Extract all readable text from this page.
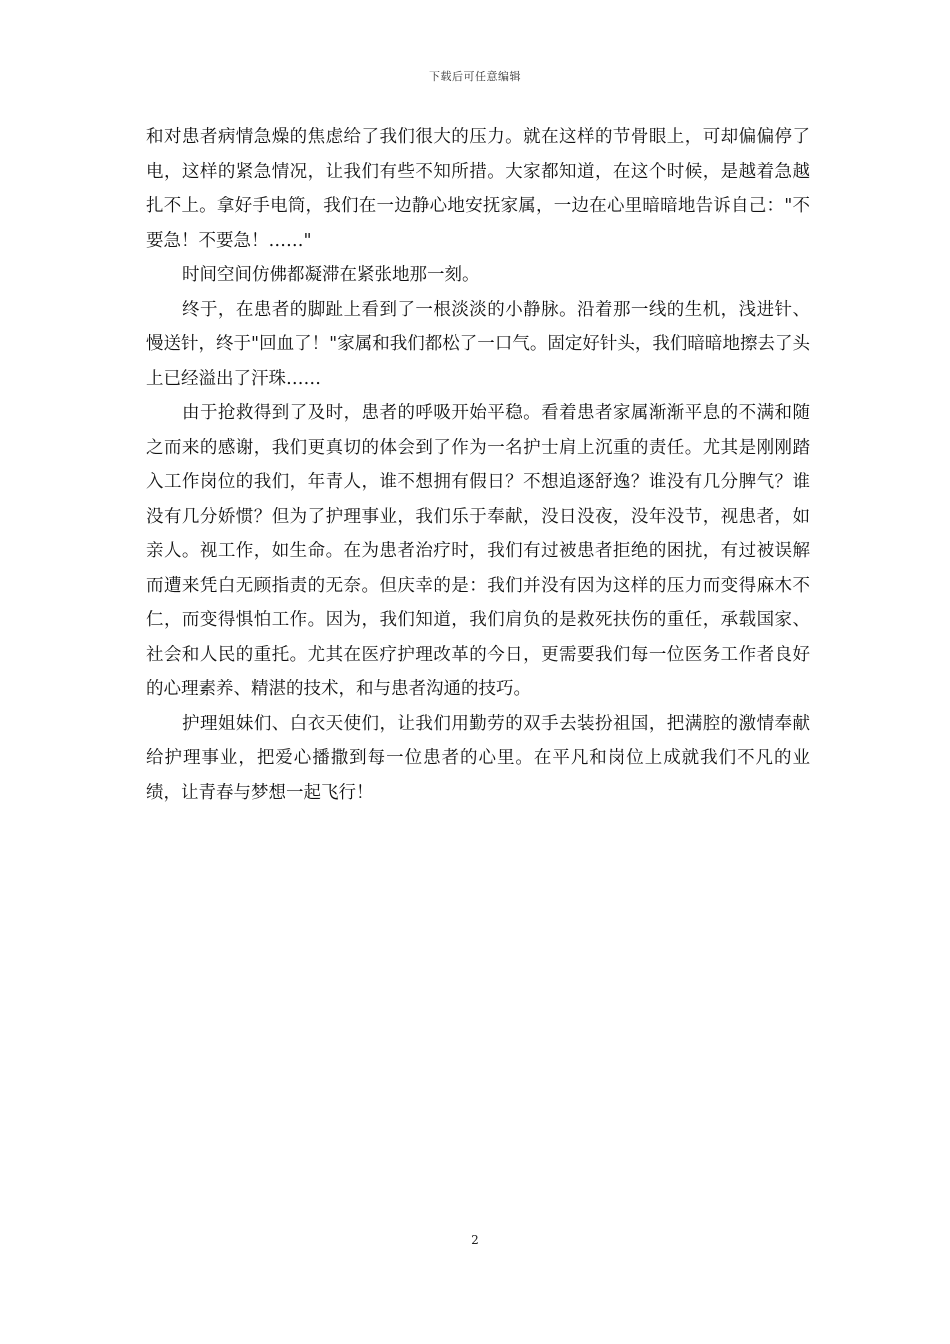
下载后可任意编辑

和对患者病情急燥的焦虑给了我们很大的压力。就在这样的节骨眼上，可却偏偏停了电，这样的紧急情况，让我们有些不知所措。大家都知道，在这个时候，是越着急越扎不上。拿好手电筒，我们在一边静心地安抚家属，一边在心里暗暗地告诉自己："不要急！不要急！……"

时间空间仿佛都凝滞在紧张地那一刻。

终于，在患者的脚趾上看到了一根淡淡的小静脉。沿着那一线的生机，浅进针、慢送针，终于"回血了！"家属和我们都松了一口气。固定好针头，我们暗暗地擦去了头上已经溢出了汗珠……

由于抢救得到了及时，患者的呼吸开始平稳。看着患者家属渐渐平息的不满和随之而来的感谢，我们更真切的体会到了作为一名护士肩上沉重的责任。尤其是刚刚踏入工作岗位的我们，年青人，谁不想拥有假日？不想追逐舒逸？谁没有几分脾气？谁没有几分娇惯？但为了护理事业，我们乐于奉献，没日没夜，没年没节，视患者，如亲人。视工作，如生命。在为患者治疗时，我们有过被患者拒绝的困扰，有过被误解而遭来凭白无顾指责的无奈。但庆幸的是：我们并没有因为这样的压力而变得麻木不仁，而变得惧怕工作。因为，我们知道，我们肩负的是救死扶伤的重任，承载国家、社会和人民的重托。尤其在医疗护理改革的今日，更需要我们每一位医务工作者良好的心理素养、精湛的技术，和与患者沟通的技巧。

护理姐妹们、白衣天使们，让我们用勤劳的双手去装扮祖国，把满腔的激情奉献给护理事业，把爱心播撒到每一位患者的心里。在平凡和岗位上成就我们不凡的业绩，让青春与梦想一起飞行！

2
